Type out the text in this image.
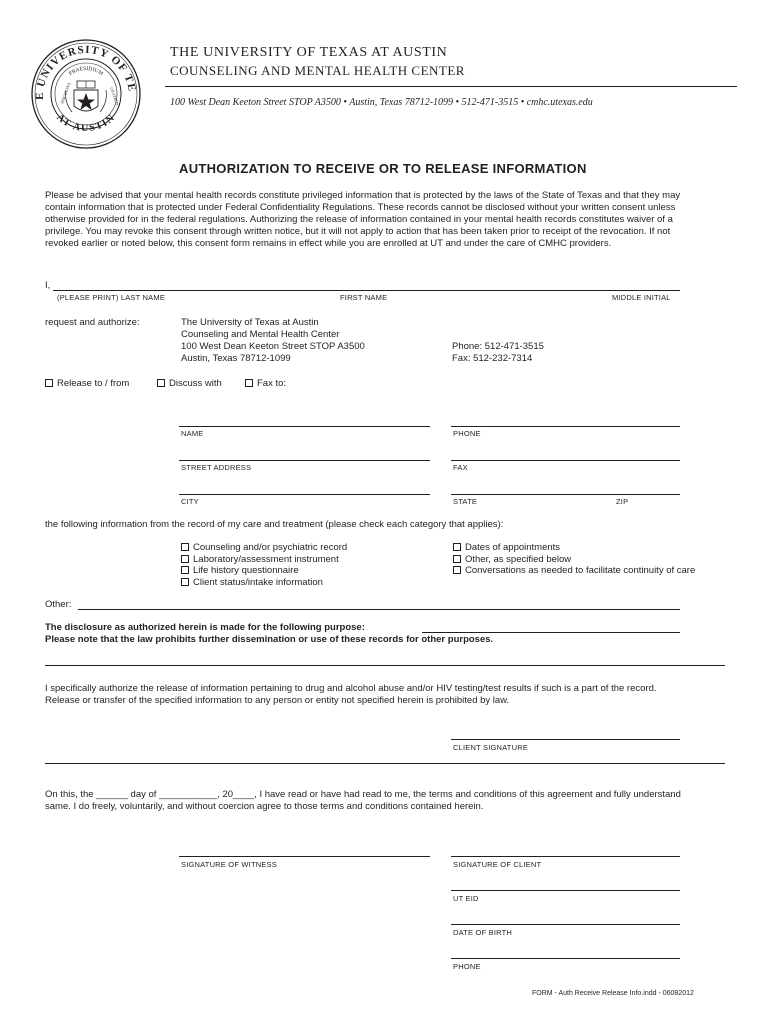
E UNIVERSITY OF TE
AT AUSTIN
PRAESIDIUM
DISCIPLINA	CIVITATIS
THE UNIVERSITY OF TEXAS AT AUSTIN
COUNSELING AND MENTAL HEALTH CENTER
100 West Dean Keeton Street STOP A3500 • Austin, Texas 78712-1099 • 512-471-3515 • cmhc.utexas.edu
AUTHORIZATION TO RECEIVE OR TO RELEASE INFORMATION
Please be advised that your mental health records constitute privileged information that is protected by the laws of the State of Texas and that they may
contain information that is protected under Federal Confidentiality Regulations. These records cannot be disclosed without your written consent unless
otherwise provided for in the federal regulations. Authorizing the release of information contained in your mental health records constitutes waiver of a
privilege. You may revoke this consent through written notice, but it will not apply to action that has been taken prior to receipt of the revocation. If not
revoked earlier or noted below, this consent form remains in effect while you are enrolled at UT and under the care of CMHC providers.
I,
(PLEASE PRINT) LAST NAME	FIRST NAME	MIDDLE INITIAL
request and authorize:	The University of Texas at Austin
Counseling and Mental Health Center
100 West Dean Keeton Street STOP A3500
Austin, Texas 78712-1099
Phone: 512-471-3515
Fax: 512-232-7314
Release to / from	Discuss with	Fax to:
NAME	PHONE
STREET ADDRESS	FAX
CITY	STATE	ZIP
the following information from the record of my care and treatment (please check each category that applies):
Counseling and/or psychiatric record
Laboratory/assessment instrument
Life history questionnaire
Client status/intake information
Dates of appointments
Other, as specified below
Conversations as needed to facilitate continuity of care
Other:
The disclosure as authorized herein is made for the following purpose:
Please note that the law prohibits further dissemination or use of these records for other purposes.
I specifically authorize the release of information pertaining to drug and alcohol abuse and/or HIV testing/test results if such is a part of the record.
Release or transfer of the specified information to any person or entity not specified herein is prohibited by law.
CLIENT SIGNATURE
On this, the ______ day of ___________, 20____, I have read or have had read to me, the terms and conditions of this agreement and fully understand
same. I do freely, voluntarily, and without coercion agree to those terms and conditions contained herein.
SIGNATURE OF WITNESS	SIGNATURE OF CLIENT
UT EID
DATE OF BIRTH
PHONE
FORM - Auth Receive Release Info.indd - 06082012
